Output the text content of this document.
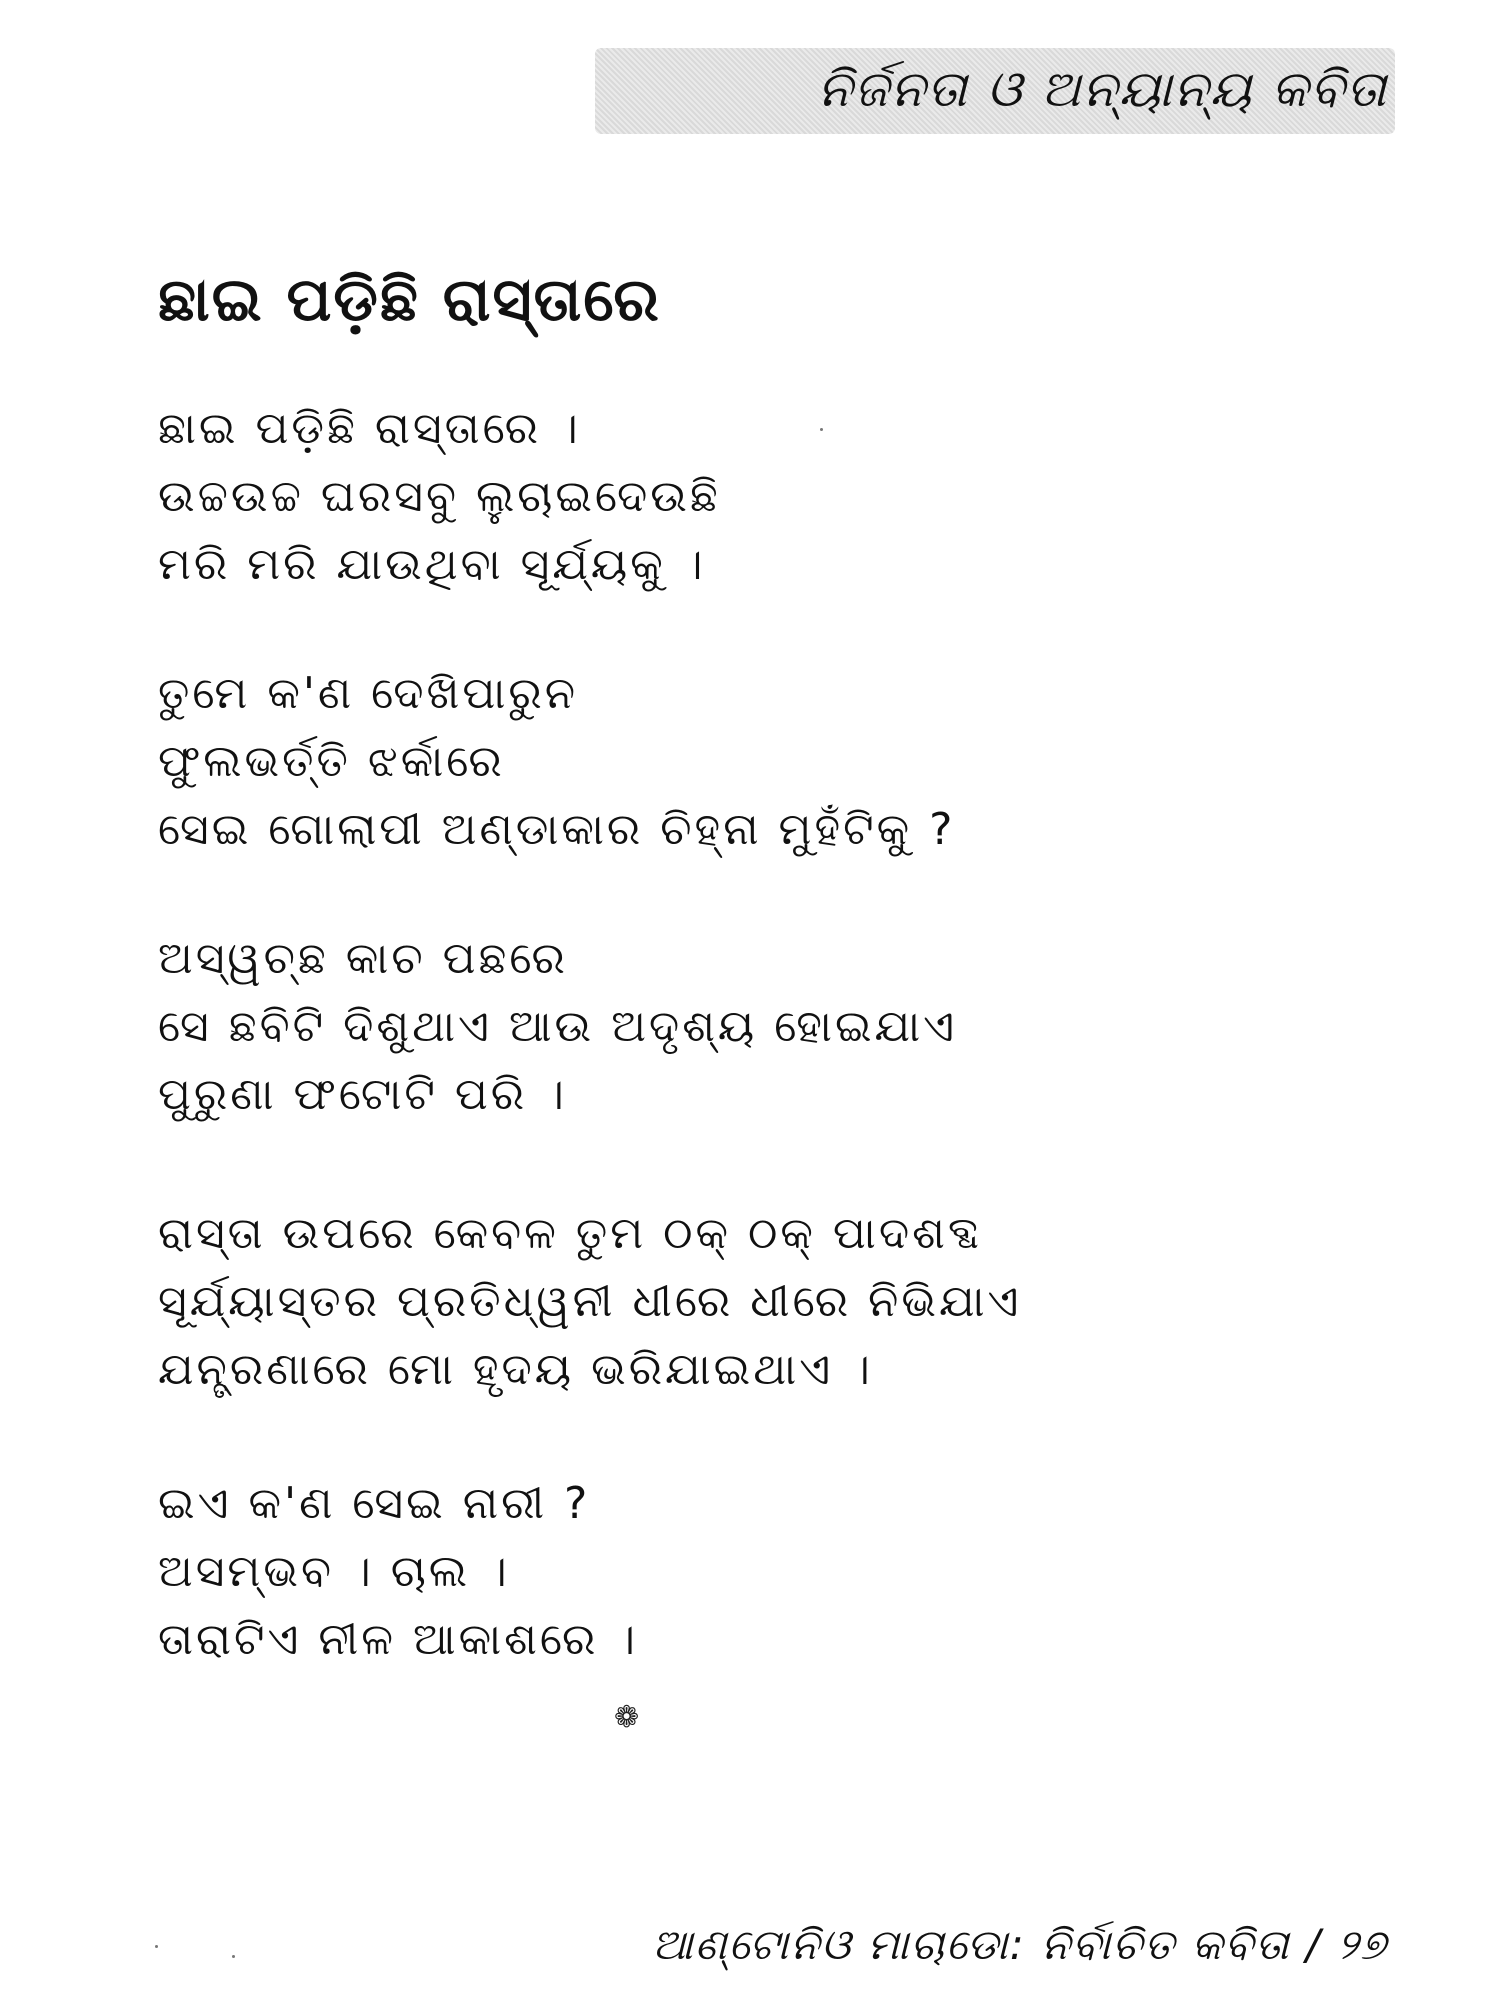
ନିର୍ଜନତା ଓ ଅନ୍ୟାନ୍ୟ କବିତା
ଛାଇ ପଡ଼ିଛି ରାସ୍ତାରେ
ଛାଇ ପଡ଼ିଛି ରାସ୍ତାରେ ।
ଉଚ୍ଚଉଚ୍ଚ ଘରସବୁ ଲୁଚାଇଦେଉଛି
ମରି ମରି ଯାଉଥିବା ସୂର୍ଯ୍ୟକୁ ।
ତୁମେ କ'ଣ ଦେଖିପାରୁନ
ଫୁଲଭର୍ତ୍ତି ଝର୍କାରେ
ସେଇ ଗୋଲାପୀ ଅଣ୍ଡାକାର ଚିହ୍ନା ମୁହଁଟିକୁ ?
ଅସ୍ୱଚ୍ଛ କାଚ ପଛରେ
ସେ ଛବିଟି ଦିଶୁଥାଏ ଆଉ ଅଦୃଶ୍ୟ ହୋଇଯାଏ
ପୁରୁଣା ଫଟୋଟି ପରି ।
ରାସ୍ତା ଉପରେ କେବଳ ତୁମ ଠକ୍ ଠକ୍ ପାଦଶବ୍ଦ
ସୂର୍ଯ୍ୟାସ୍ତର ପ୍ରତିଧ୍ୱନୀ ଧୀରେ ଧୀରେ ନିଭିଯାଏ
ଯନ୍ତ୍ରଣାରେ ମୋ ହୃଦୟ ଭରିଯାଇଥାଏ ।
ଇଏ କ'ଣ ସେଇ ନାରୀ ?
ଅସମ୍ଭବ । ଚାଲ ।
ତାରାଟିଏ ନୀଳ ଆକାଶରେ ।
❁
ଆଣ୍ଟୋନିଓ ମାଚାଡୋ: ନିର୍ବାଚିତ କବିତା / ୨୭
